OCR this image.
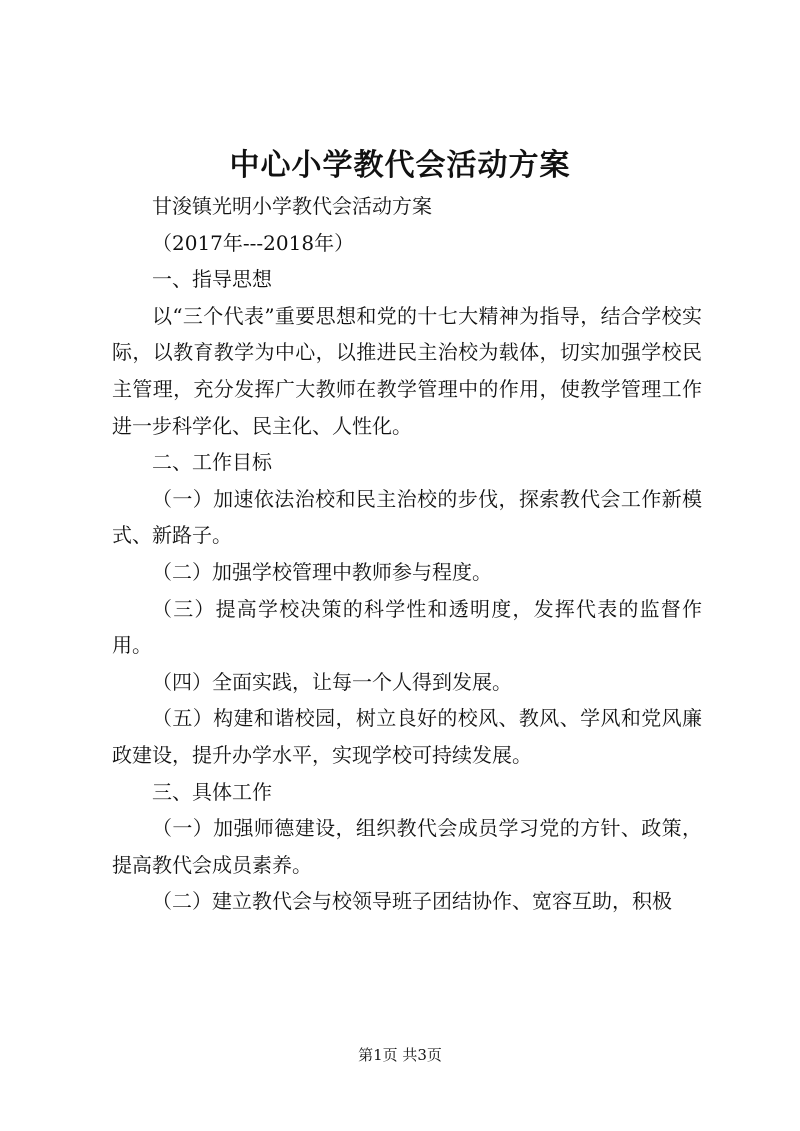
中心小学教代会活动方案

甘浚镇光明小学教代会活动方案

（2017年---2018年）

一、指导思想

以“三个代表”重要思想和党的十七大精神为指导，结合学校实际，以教育教学为中心，以推进民主治校为载体，切实加强学校民主管理，充分发挥广大教师在教学管理中的作用，使教学管理工作进一步科学化、民主化、人性化。

二、工作目标

（一）加速依法治校和民主治校的步伐，探索教代会工作新模式、新路子。

（二）加强学校管理中教师参与程度。

（三）提高学校决策的科学性和透明度，发挥代表的监督作用。

（四）全面实践，让每一个人得到发展。

（五）构建和谐校园，树立良好的校风、教风、学风和党风廉政建设，提升办学水平，实现学校可持续发展。

三、具体工作

（一）加强师德建设，组织教代会成员学习党的方针、政策，提高教代会成员素养。

（二）建立教代会与校领导班子团结协作、宽容互助，积极

第1页 共3页
